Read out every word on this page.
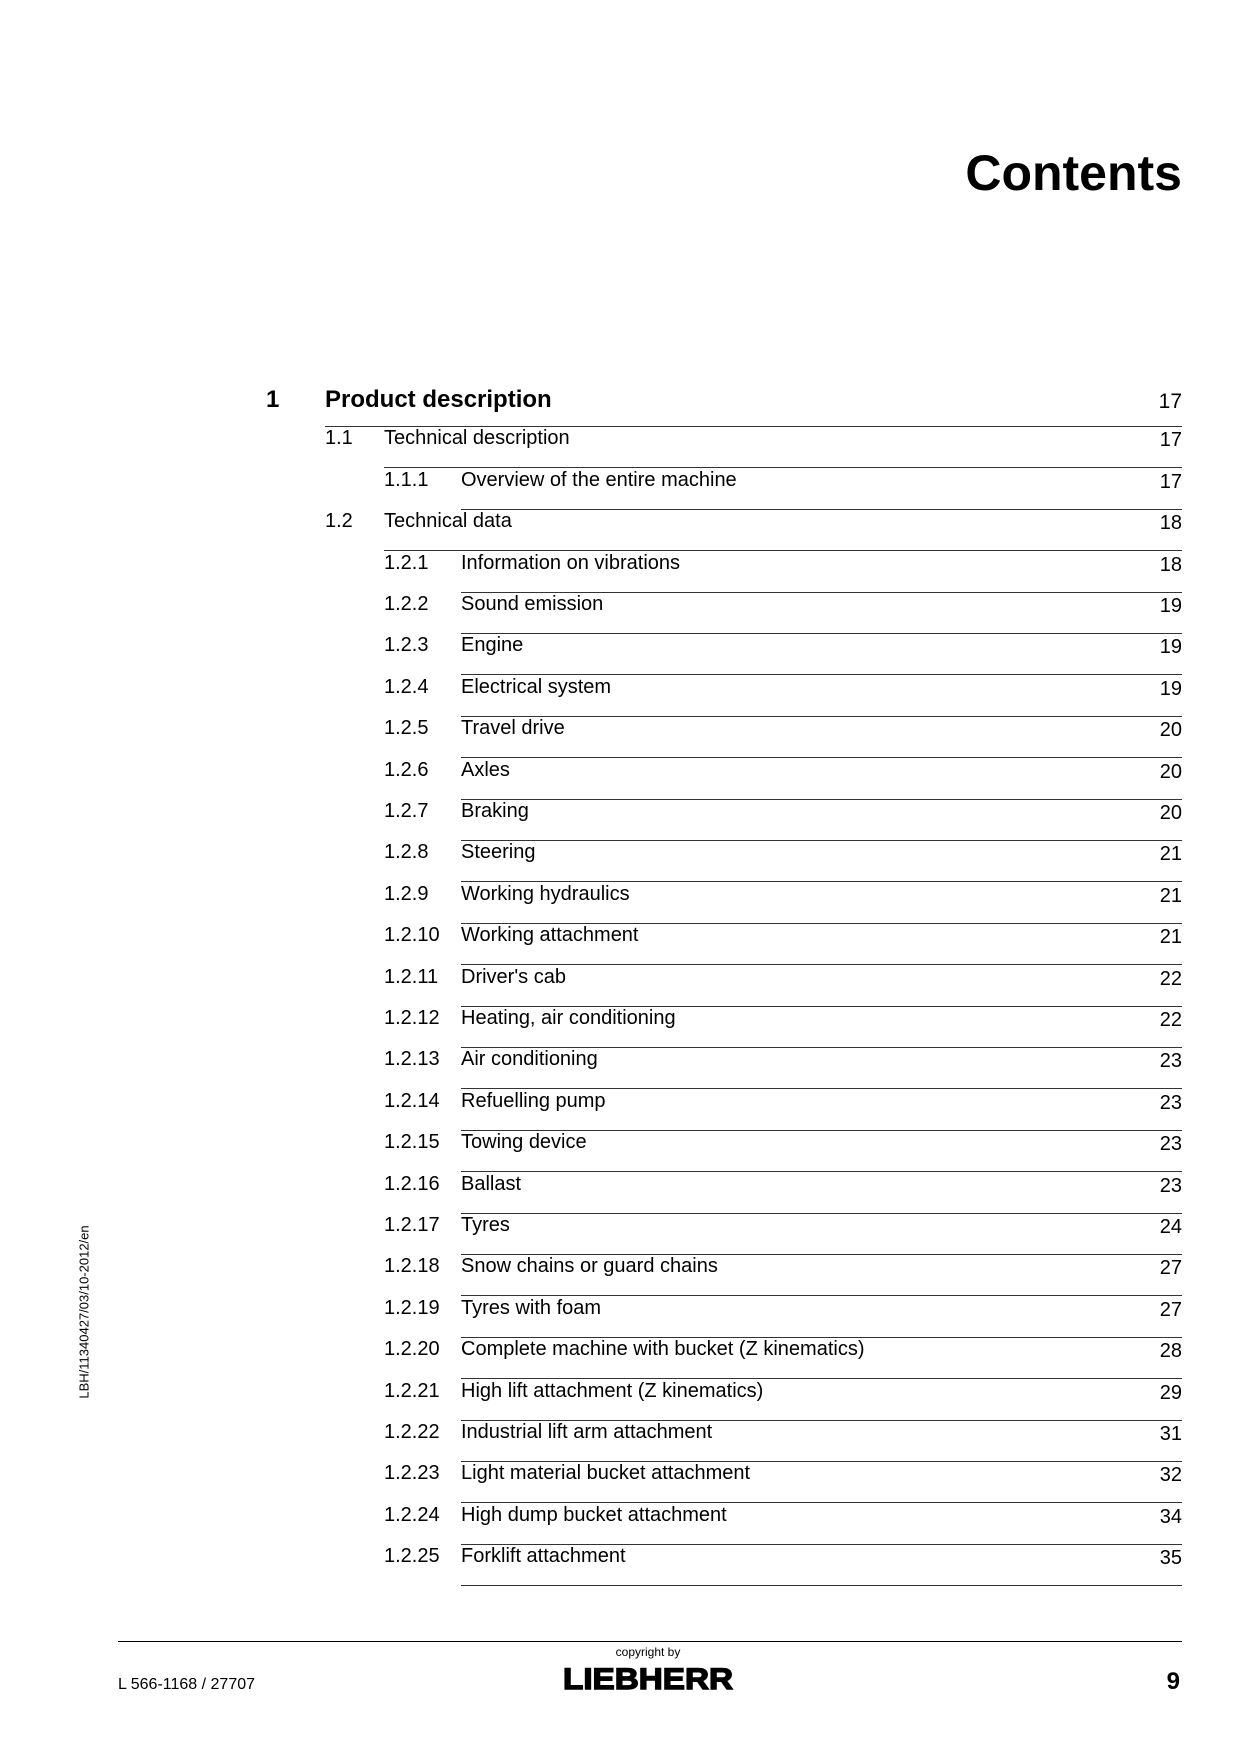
Contents
1 Product description	17
1.1 Technical description	17
1.1.1 Overview of the entire machine	17
1.2 Technical data	18
1.2.1 Information on vibrations	18
1.2.2 Sound emission	19
1.2.3 Engine	19
1.2.4 Electrical system	19
1.2.5 Travel drive	20
1.2.6 Axles	20
1.2.7 Braking	20
1.2.8 Steering	21
1.2.9 Working hydraulics	21
1.2.10 Working attachment	21
1.2.11 Driver's cab	22
1.2.12 Heating, air conditioning	22
1.2.13 Air conditioning	23
1.2.14 Refuelling pump	23
1.2.15 Towing device	23
1.2.16 Ballast	23
1.2.17 Tyres	24
1.2.18 Snow chains or guard chains	27
1.2.19 Tyres with foam	27
1.2.20 Complete machine with bucket (Z kinematics)	28
1.2.21 High lift attachment (Z kinematics)	29
1.2.22 Industrial lift arm attachment	31
1.2.23 Light material bucket attachment	32
1.2.24 High dump bucket attachment	34
1.2.25 Forklift attachment	35
LBH/11340427/03/10-2012/en
L 566-1168 / 27707
copyright by
LIEBHERR	9
